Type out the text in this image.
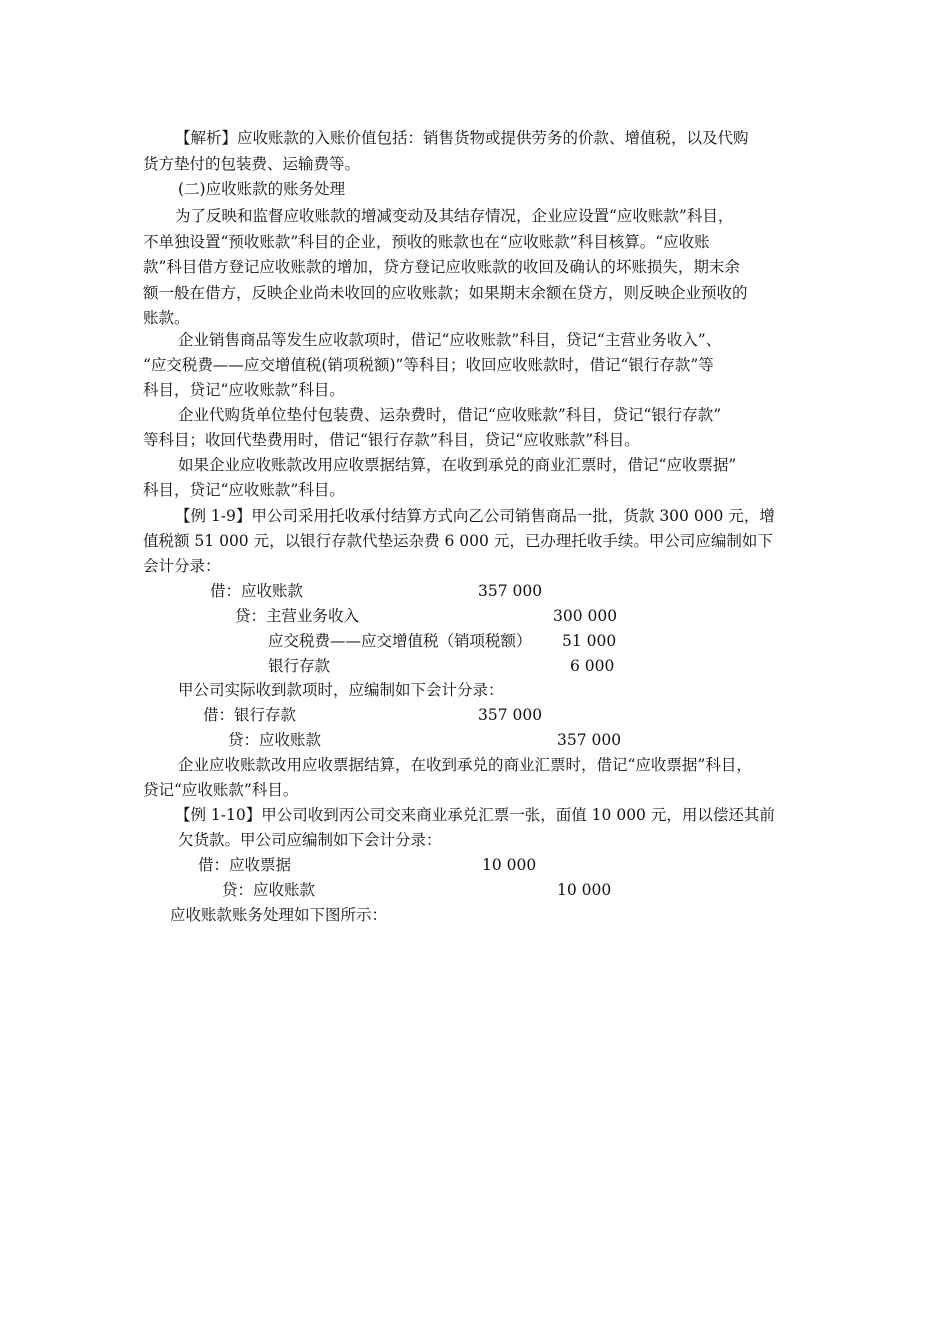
【解析】应收账款的入账价值包括：销售货物或提供劳务的价款、增值税，以及代购
货方垫付的包装费、运输费等。
(二)应收账款的账务处理
为了反映和监督应收账款的增减变动及其结存情况，企业应设置“应收账款”科目，
不单独设置“预收账款”科目的企业，预收的账款也在“应收账款”科目核算。“应收账
款”科目借方登记应收账款的增加，贷方登记应收账款的收回及确认的坏账损失，期末余
额一般在借方，反映企业尚未收回的应收账款；如果期末余额在贷方，则反映企业预收的
账款。
企业销售商品等发生应收款项时，借记“应收账款”科目，贷记“主营业务收入”、
“应交税费——应交增值税(销项税额)”等科目；收回应收账款时，借记“银行存款”等
科目，贷记“应收账款”科目。
企业代购货单位垫付包装费、运杂费时，借记“应收账款”科目，贷记“银行存款”
等科目；收回代垫费用时，借记“银行存款”科目，贷记“应收账款”科目。
如果企业应收账款改用应收票据结算，在收到承兑的商业汇票时，借记“应收票据”
科目，贷记“应收账款”科目。
【例 1-9】甲公司采用托收承付结算方式向乙公司销售商品一批，货款 300 000 元，增
值税额 51 000 元，以银行存款代垫运杂费 6 000 元，已办理托收手续。甲公司应编制如下
会计分录：
借：应收账款	357 000
贷：主营业务收入	300 000
应交税费——应交增值税（销项税额） 51 000
银行存款	6 000
甲公司实际收到款项时，应编制如下会计分录：
借：银行存款	357 000
贷：应收账款	357 000
企业应收账款改用应收票据结算，在收到承兑的商业汇票时，借记“应收票据”科目，
贷记“应收账款”科目。
【例 1-10】甲公司收到丙公司交来商业承兑汇票一张，面值 10 000 元，用以偿还其前
欠货款。甲公司应编制如下会计分录：
借：应收票据	10 000
贷：应收账款	10 000
应收账款账务处理如下图所示：
